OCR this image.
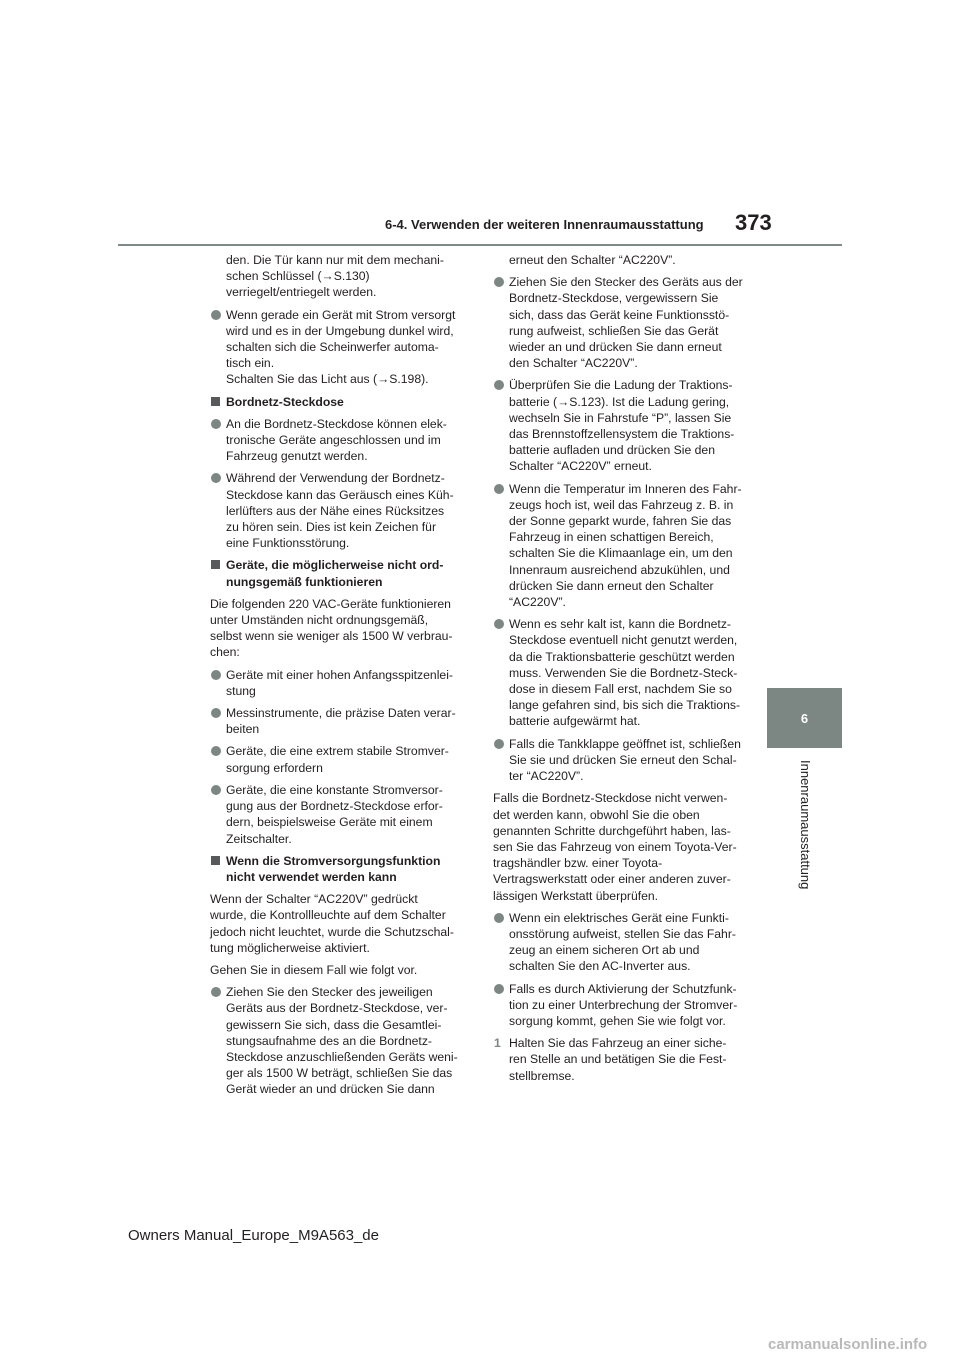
6-4. Verwenden der weiteren Innenraumausstattung 373
6
Innenraumausstattung

den. Die Tür kann nur mit dem mechani-
schen Schlüssel (→S.130)
verriegelt/entriegelt werden.

Wenn gerade ein Gerät mit Strom versorgt
wird und es in der Umgebung dunkel wird,
schalten sich die Scheinwerfer automa-
tisch ein.
Schalten Sie das Licht aus (→S.198).

Bordnetz-Steckdose

An die Bordnetz-Steckdose können elek-
tronische Geräte angeschlossen und im
Fahrzeug genutzt werden.

Während der Verwendung der Bordnetz-
Steckdose kann das Geräusch eines Küh-
lerlüfters aus der Nähe eines Rücksitzes
zu hören sein. Dies ist kein Zeichen für
eine Funktionsstörung.

Geräte, die möglicherweise nicht ord-
nungsgemäß funktionieren

Die folgenden 220 VAC-Geräte funktionieren
unter Umständen nicht ordnungsgemäß,
selbst wenn sie weniger als 1500 W verbrau-
chen:

Geräte mit einer hohen Anfangsspitzenlei-
stung

Messinstrumente, die präzise Daten verar-
beiten

Geräte, die eine extrem stabile Stromver-
sorgung erfordern

Geräte, die eine konstante Stromversor-
gung aus der Bordnetz-Steckdose erfor-
dern, beispielsweise Geräte mit einem
Zeitschalter.

Wenn die Stromversorgungsfunktion
nicht verwendet werden kann

Wenn der Schalter “AC220V” gedrückt
wurde, die Kontrollleuchte auf dem Schalter
jedoch nicht leuchtet, wurde die Schutzschal-
tung möglicherweise aktiviert.

Gehen Sie in diesem Fall wie folgt vor.

Ziehen Sie den Stecker des jeweiligen
Geräts aus der Bordnetz-Steckdose, ver-
gewissern Sie sich, dass die Gesamtlei-
stungsaufnahme des an die Bordnetz-
Steckdose anzuschließenden Geräts weni-
ger als 1500 W beträgt, schließen Sie das
Gerät wieder an und drücken Sie dann

erneut den Schalter “AC220V”.

Ziehen Sie den Stecker des Geräts aus der
Bordnetz-Steckdose, vergewissern Sie
sich, dass das Gerät keine Funktionsstö-
rung aufweist, schließen Sie das Gerät
wieder an und drücken Sie dann erneut
den Schalter “AC220V”.

Überprüfen Sie die Ladung der Traktions-
batterie (→S.123). Ist die Ladung gering,
wechseln Sie in Fahrstufe “P”, lassen Sie
das Brennstoffzellensystem die Traktions-
batterie aufladen und drücken Sie den
Schalter “AC220V” erneut.

Wenn die Temperatur im Inneren des Fahr-
zeugs hoch ist, weil das Fahrzeug z. B. in
der Sonne geparkt wurde, fahren Sie das
Fahrzeug in einen schattigen Bereich,
schalten Sie die Klimaanlage ein, um den
Innenraum ausreichend abzukühlen, und
drücken Sie dann erneut den Schalter
“AC220V”.

Wenn es sehr kalt ist, kann die Bordnetz-
Steckdose eventuell nicht genutzt werden,
da die Traktionsbatterie geschützt werden
muss. Verwenden Sie die Bordnetz-Steck-
dose in diesem Fall erst, nachdem Sie so
lange gefahren sind, bis sich die Traktions-
batterie aufgewärmt hat.

Falls die Tankklappe geöffnet ist, schließen
Sie sie und drücken Sie erneut den Schal-
ter “AC220V”.

Falls die Bordnetz-Steckdose nicht verwen-
det werden kann, obwohl Sie die oben
genannten Schritte durchgeführt haben, las-
sen Sie das Fahrzeug von einem Toyota-Ver-
tragshändler bzw. einer Toyota-
Vertragswerkstatt oder einer anderen zuver-
lässigen Werkstatt überprüfen.

Wenn ein elektrisches Gerät eine Funkti-
onsstörung aufweist, stellen Sie das Fahr-
zeug an einem sicheren Ort ab und
schalten Sie den AC-Inverter aus.

Falls es durch Aktivierung der Schutzfunk-
tion zu einer Unterbrechung der Stromver-
sorgung kommt, gehen Sie wie folgt vor.

1 Halten Sie das Fahrzeug an einer siche-
ren Stelle an und betätigen Sie die Fest-
stellbremse.

Owners Manual_Europe_M9A563_de
carmanualsonline.info
